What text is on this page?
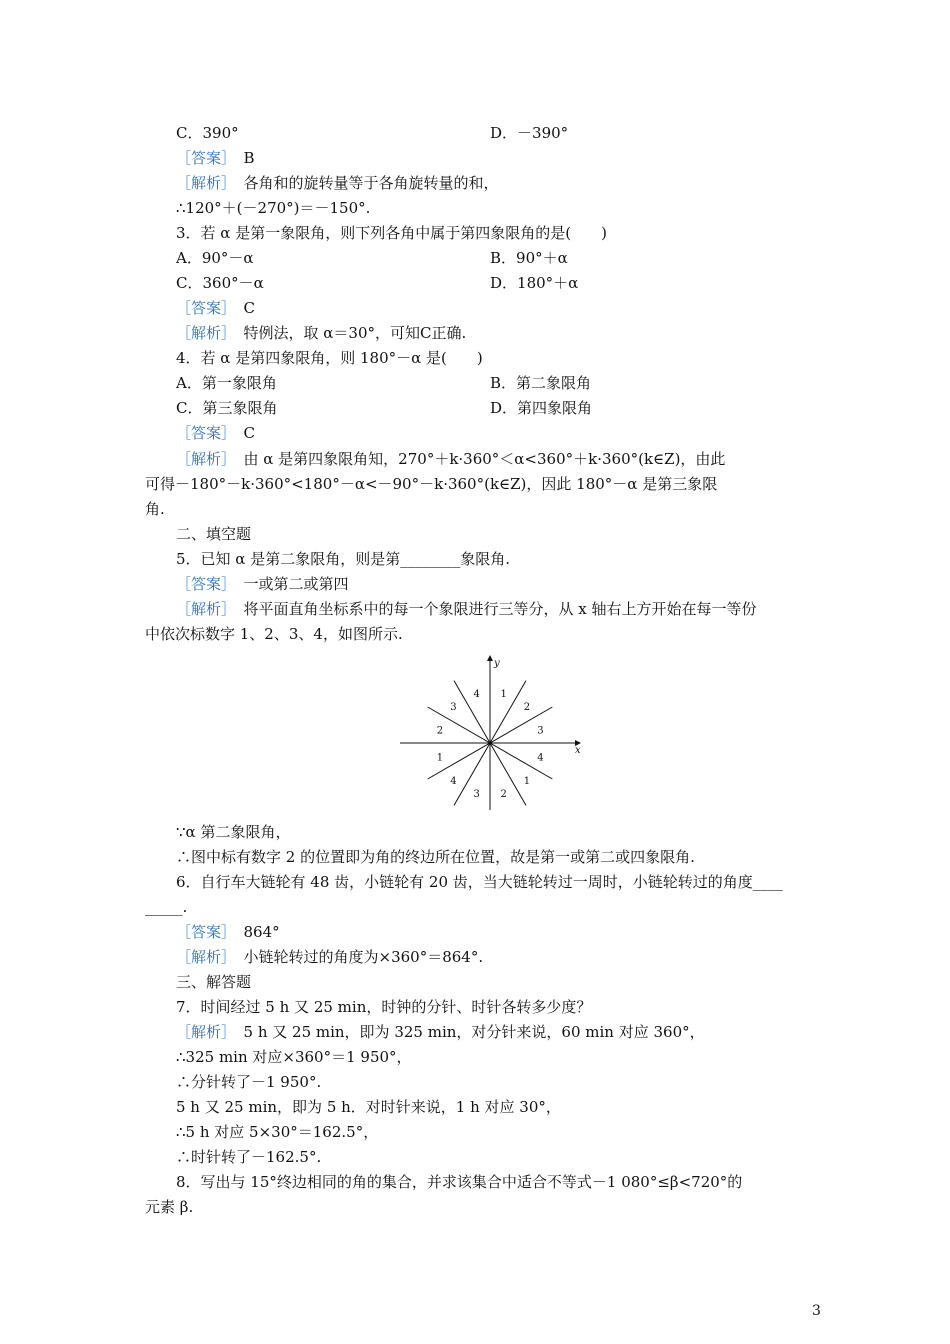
C．390°	D．－390°
［答案］　B
［解析］　各角和的旋转量等于各角旋转量的和，
∴120°＋(－270°)＝－150°.
3．若 α 是第一象限角，则下列各角中属于第四象限角的是(　　)
A．90°－α	B．90°＋α
C．360°－α	D．180°＋α
［答案］　C
［解析］　特例法，取 α＝30°，可知C正确.
4．若 α 是第四象限角，则 180°－α 是(　　)
A．第一象限角	B．第二象限角
C．第三象限角	D．第四象限角
［答案］　C
［解析］　由 α 是第四象限角知，270°＋k·360°＜α<360°＋k·360°(k∈Z)，由此
可得－180°－k·360°<180°－α<－90°－k·360°(k∈Z)，因此 180°－α 是第三象限
角.
二、填空题
5．已知 α 是第二象限角，则是第________象限角.
［答案］　一或第二或第四
［解析］　将平面直角坐标系中的每一个象限进行三等分，从 x 轴右上方开始在每一等份
中依次标数字 1、2、3、4，如图所示.
∵α 第二象限角，
∴图中标有数字 2 的位置即为角的终边所在位置，故是第一或第二或四象限角.
6．自行车大链轮有 48 齿，小链轮有 20 齿，当大链轮转过一周时，小链轮转过的角度____
_____.
［答案］　864°
［解析］　小链轮转过的角度为×360°＝864°.
三、解答题
7．时间经过 5 h 又 25 min，时钟的分针、时针各转多少度？
［解析］　5 h 又 25 min，即为 325 min，对分针来说，60 min 对应 360°，
∴325 min 对应×360°＝1 950°，
∴分针转了－1 950°.
5 h 又 25 min，即为 5 h．对时针来说，1 h 对应 30°，
∴5 h 对应 5×30°＝162.5°，
∴时针转了－162.5°.
8．写出与 15°终边相同的角的集合，并求该集合中适合不等式－1 080°≤β<720°的
元素 β.
1
2
3
4
1
2
3
4
1
2
3
4
x
y
3
